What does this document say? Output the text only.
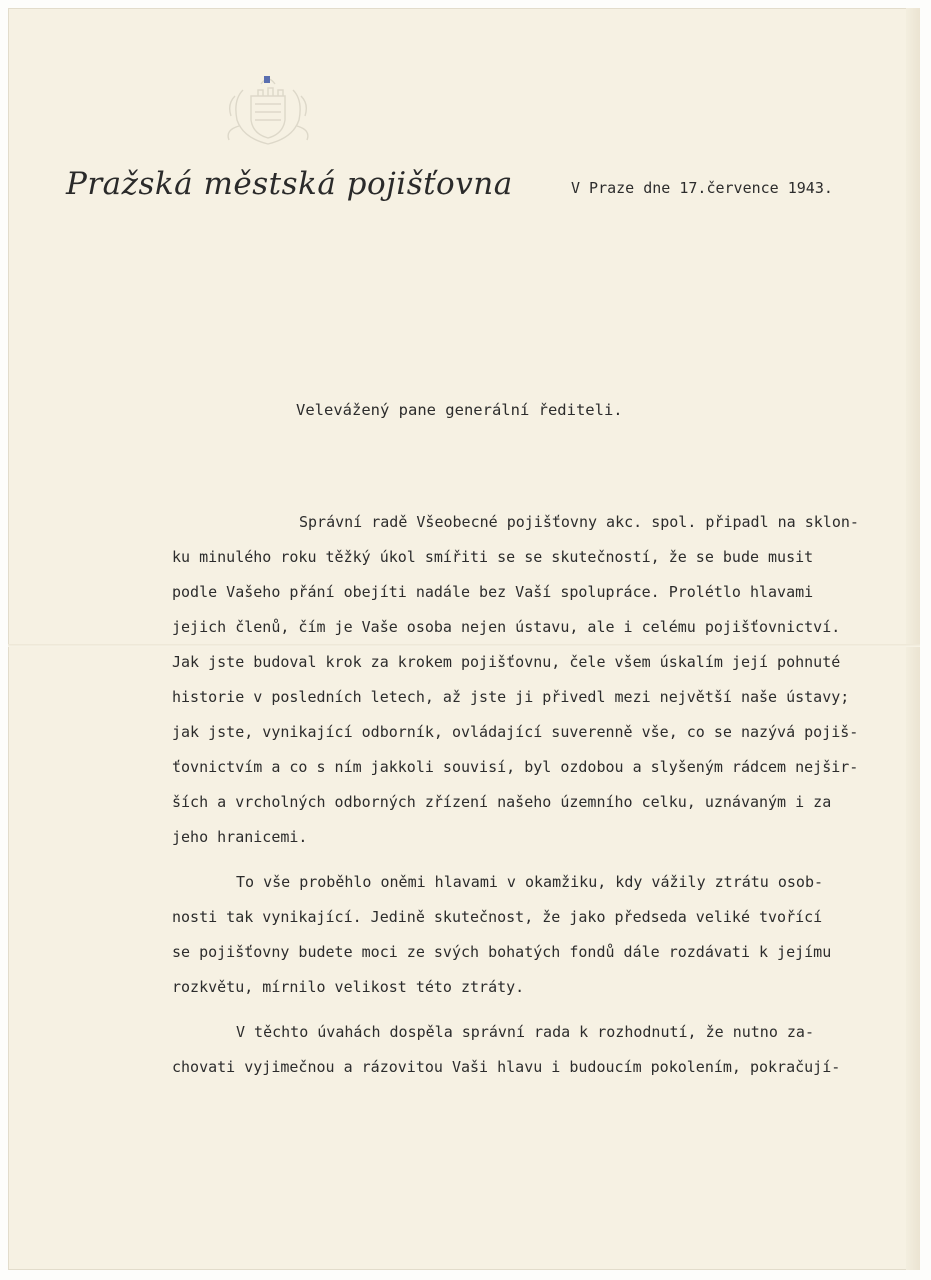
Pražská městská pojišťovna	V Praze dne 17.července 1943.
Velevážený pane generální řediteli.
Správní radě Všeobecné pojišťovny akc. spol. připadl na sklon-
ku minulého roku těžký úkol smířiti se se skutečností, že se bude musit
podle Vašeho přání obejíti nadále bez Vaší spolupráce. Prolétlo hlavami
jejich členů, čím je Vaše osoba nejen ústavu, ale i celému pojišťovnictví.
Jak jste budoval krok za krokem pojišťovnu, čele všem úskalím její pohnuté
historie v posledních letech, až jste ji přivedl mezi největší naše ústavy;
jak jste, vynikající odborník, ovládající suverenně vše, co se nazývá pojiš-
ťovnictvím a co s ním jakkoli souvisí, byl ozdobou a slyšeným rádcem nejšir-
ších a vrcholných odborných zřízení našeho územního celku, uznávaným i za
jeho hranicemi.
To vše proběhlo oněmi hlavami v okamžiku, kdy vážily ztrátu osob-
nosti tak vynikající. Jedině skutečnost, že jako předseda veliké tvořící
se pojišťovny budete moci ze svých bohatých fondů dále rozdávati k jejímu
rozkvětu, mírnilo velikost této ztráty.
V těchto úvahách dospěla správní rada k rozhodnutí, že nutno za-
chovati vyjimečnou a rázovitou Vaši hlavu i budoucím pokolením, pokračují-
